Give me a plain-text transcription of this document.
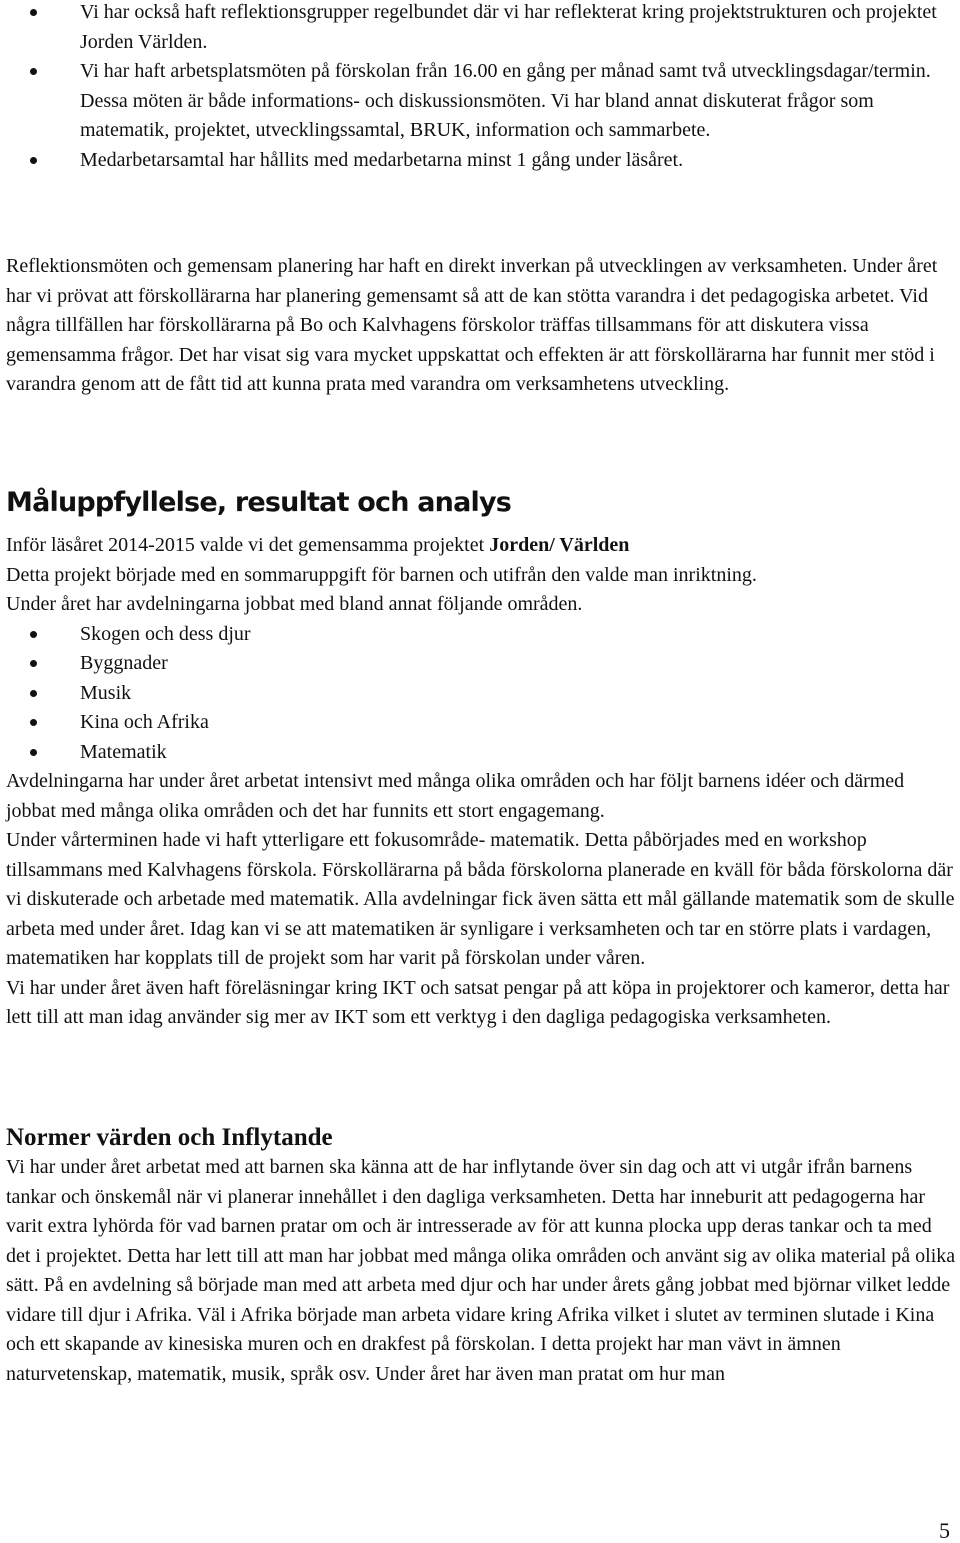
Vi har också haft reflektionsgrupper regelbundet där vi har reflekterat kring projektstrukturen och projektet Jorden Världen.
Vi har haft arbetsplatsmöten på förskolan från 16.00 en gång per månad samt två utvecklingsdagar/termin. Dessa möten är både informations- och diskussionsmöten. Vi har bland annat diskuterat frågor som matematik, projektet, utvecklingssamtal, BRUK, information och sammarbete.
Medarbetarsamtal har hållits med medarbetarna minst 1 gång under läsåret.

Reflektionsmöten och gemensam planering har haft en direkt inverkan på utvecklingen av verksamheten. Under året har vi prövat att förskollärarna har planering gemensamt så att de kan stötta varandra i det pedagogiska arbetet. Vid några tillfällen har förskollärarna på Bo och Kalvhagens förskolor träffas tillsammans för att diskutera vissa gemensamma frågor. Det har visat sig vara mycket uppskattat och effekten är att förskollärarna har funnit mer stöd i varandra genom att de fått tid att kunna prata med varandra om verksamhetens utveckling.

Måluppfyllelse, resultat och analys

Inför läsåret 2014-2015 valde vi det gemensamma projektet Jorden/ Världen

Detta projekt började med en sommaruppgift för barnen och utifrån den valde man inriktning.

Under året har avdelningarna jobbat med bland annat följande områden.

Skogen och dess djur
Byggnader
Musik
Kina och Afrika
Matematik

Avdelningarna har under året arbetat intensivt med många olika områden och har följt barnens idéer och därmed jobbat med många olika områden och det har funnits ett stort engagemang.

Under vårterminen hade vi haft ytterligare ett fokusområde- matematik. Detta påbörjades med en workshop tillsammans med Kalvhagens förskola. Förskollärarna på båda förskolorna planerade en kväll för båda förskolorna där vi diskuterade och arbetade med matematik. Alla avdelningar fick även sätta ett mål gällande matematik som de skulle arbeta med under året. Idag kan vi se att matematiken är synligare i verksamheten och tar en större plats i vardagen, matematiken har kopplats till de projekt som har varit på förskolan under våren.

Vi har under året även haft föreläsningar kring IKT och satsat pengar på att köpa in projektorer och kameror, detta har lett till att man idag använder sig mer av IKT som ett verktyg i den dagliga pedagogiska verksamheten.

Normer värden och Inflytande

Vi har under året arbetat med att barnen ska känna att de har inflytande över sin dag och att vi utgår ifrån barnens tankar och önskemål när vi planerar innehållet i den dagliga verksamheten. Detta har inneburit att pedagogerna har varit extra lyhörda för vad barnen pratar om och är intresserade av för att kunna plocka upp deras tankar och ta med det i projektet. Detta har lett till att man har jobbat med många olika områden och använt sig av olika material på olika sätt. På en avdelning så började man med att arbeta med djur och har under årets gång jobbat med björnar vilket ledde vidare till djur i Afrika. Väl i Afrika började man arbeta vidare kring Afrika vilket i slutet av terminen slutade i Kina och ett skapande av kinesiska muren och en drakfest på förskolan. I detta projekt har man vävt in ämnen naturvetenskap, matematik, musik, språk osv. Under året har även man pratat om hur man

5
